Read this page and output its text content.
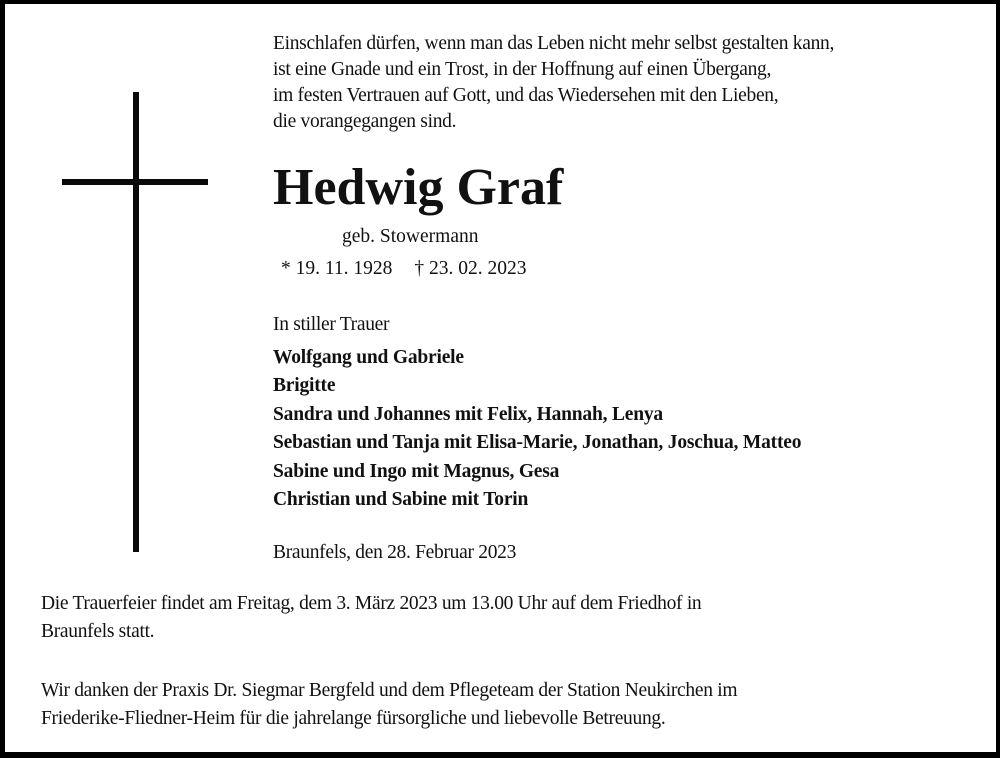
Einschlafen dürfen, wenn man das Leben nicht mehr selbst gestalten kann,
ist eine Gnade und ein Trost, in der Hoffnung auf einen Übergang,
im festen Vertrauen auf Gott, und das Wiedersehen mit den Lieben,
die vorangegangen sind.
Hedwig Graf
geb. Stowermann
* 19. 11. 1928 † 23. 02. 2023
In stiller Trauer
Wolfgang und Gabriele
Brigitte
Sandra und Johannes mit Felix, Hannah, Lenya
Sebastian und Tanja mit Elisa-Marie, Jonathan, Joschua, Matteo
Sabine und Ingo mit Magnus, Gesa
Christian und Sabine mit Torin
Braunfels, den 28. Februar 2023
Die Trauerfeier findet am Freitag, dem 3. März 2023 um 13.00 Uhr auf dem Friedhof in
Braunfels statt.
Wir danken der Praxis Dr. Siegmar Bergfeld und dem Pflegeteam der Station Neukirchen im
Friederike-Fliedner-Heim für die jahrelange fürsorgliche und liebevolle Betreuung.
